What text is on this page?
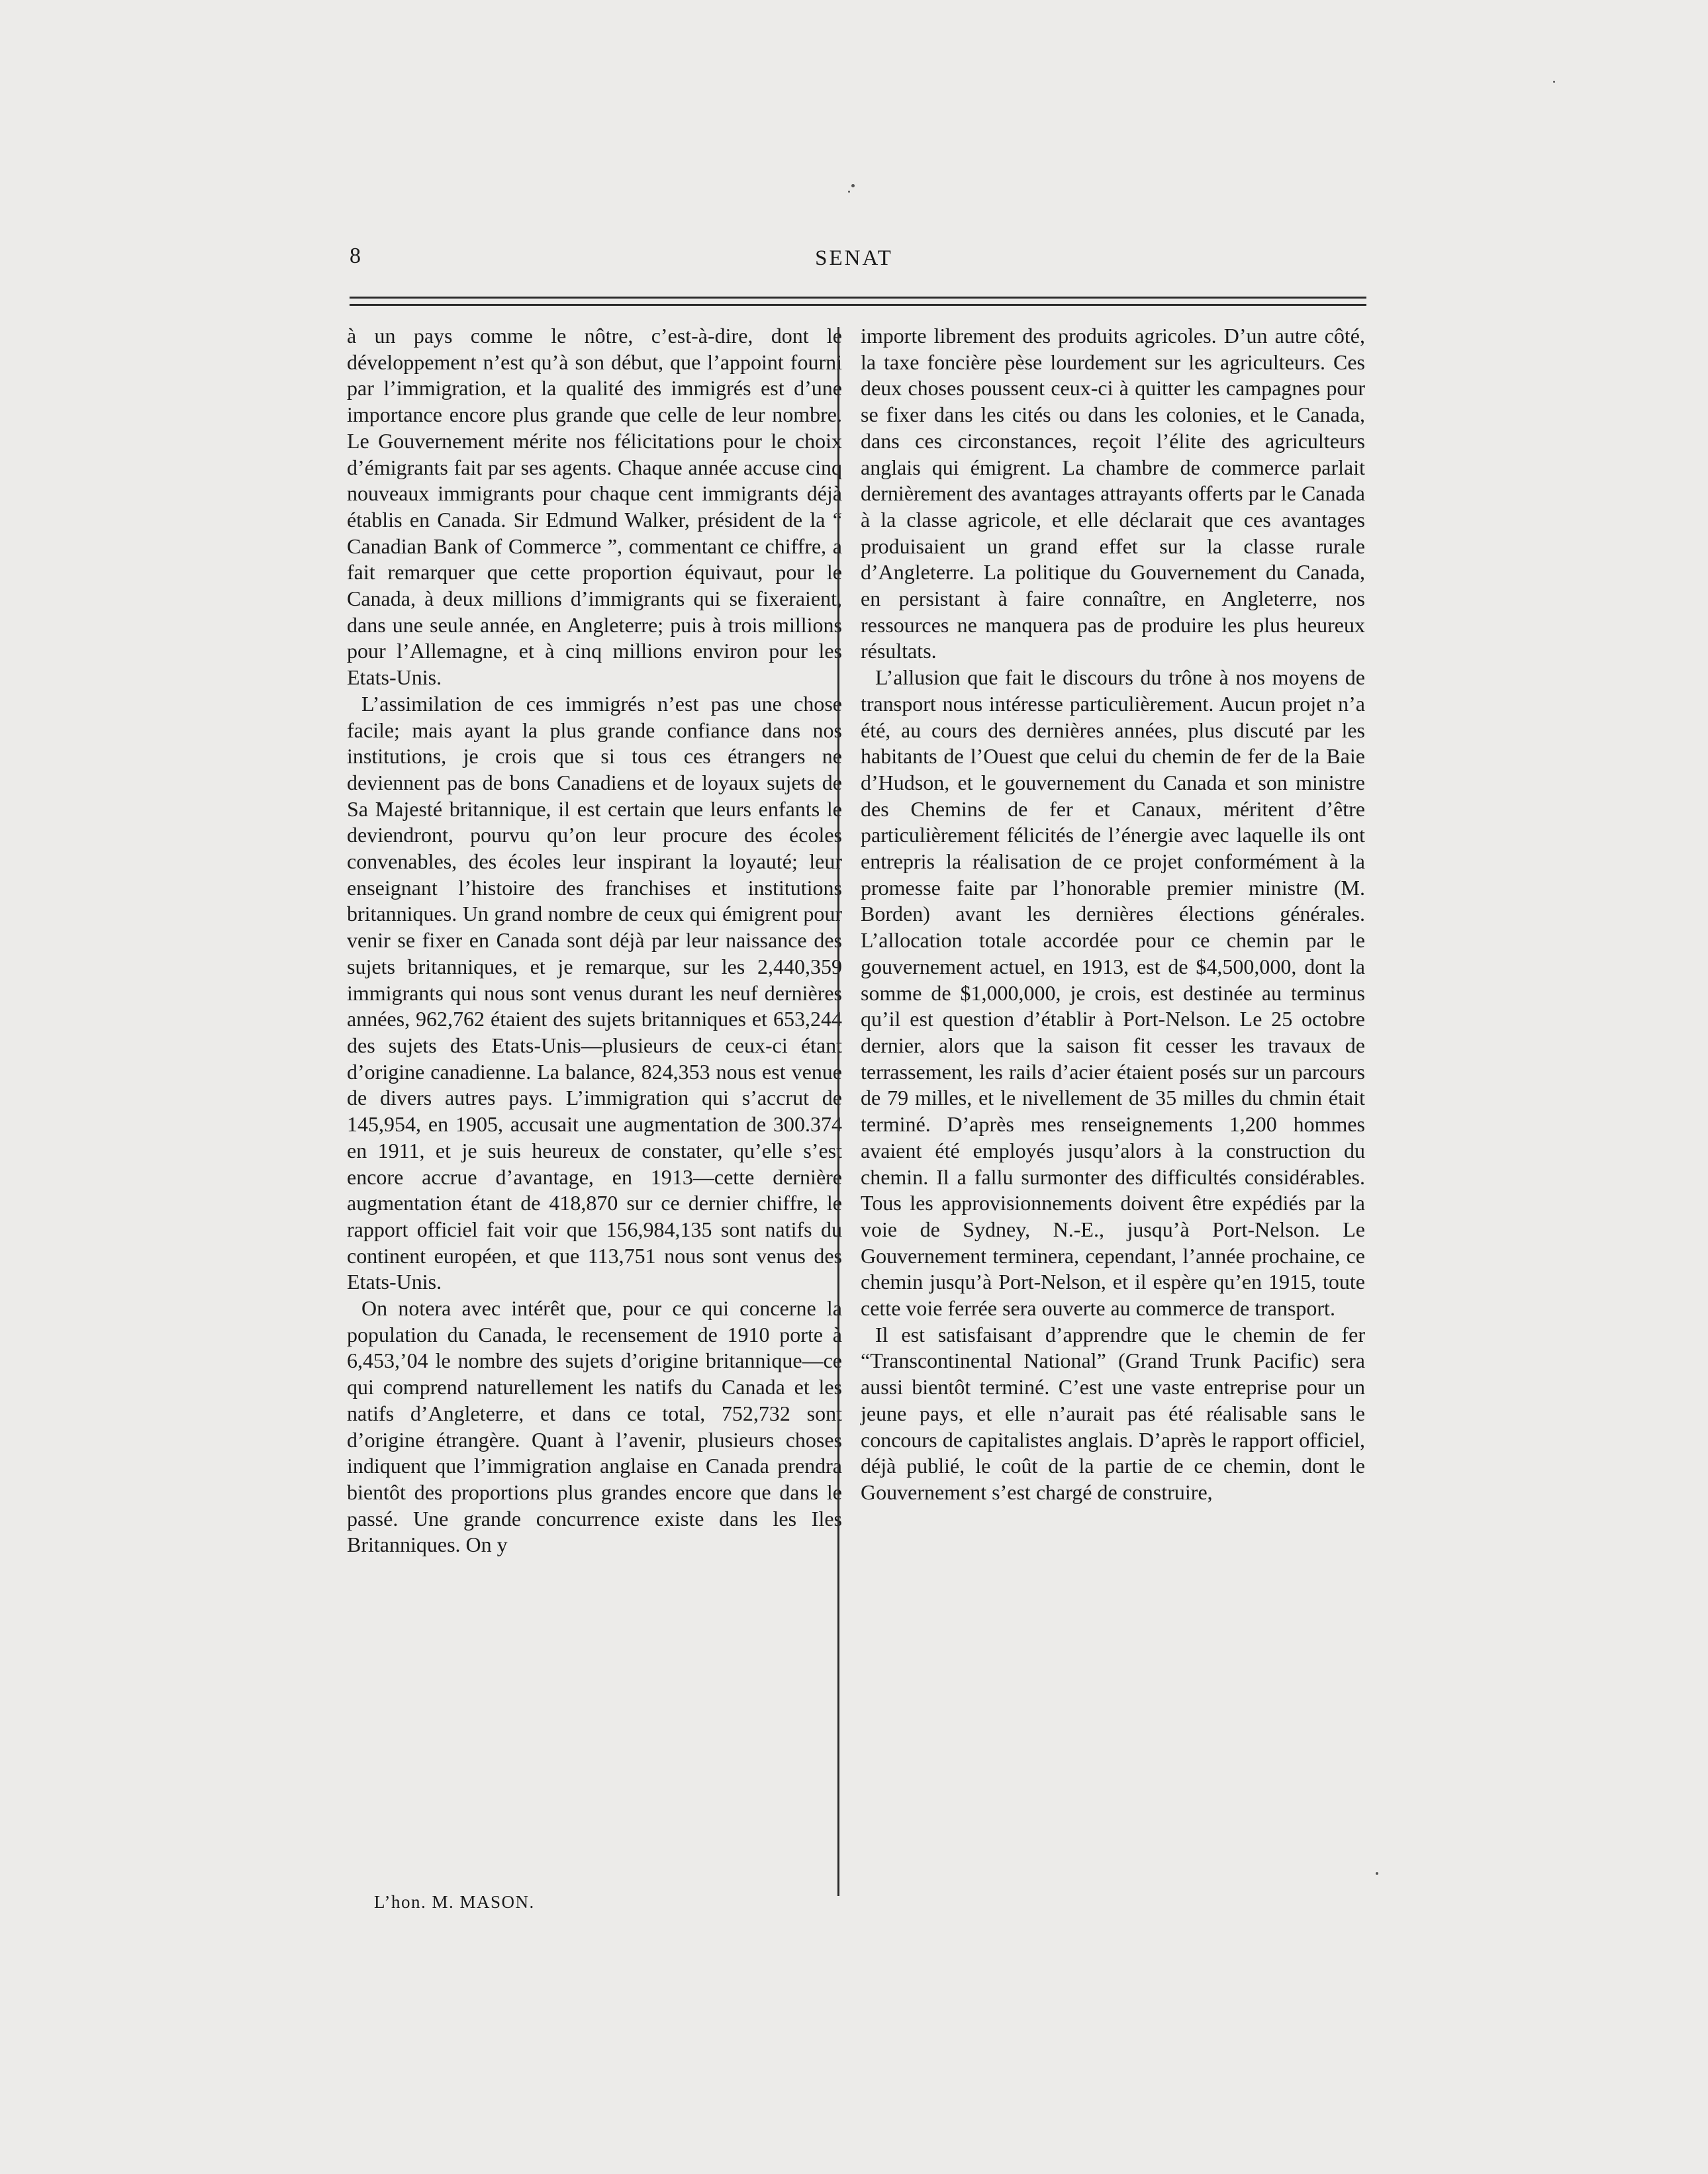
8	SENAT

à un pays comme le nôtre, c’est-à-dire, dont le développement n’est qu’à son début, que l’appoint fourni par l’immigration, et la qualité des immigrés est d’une importance encore plus grande que celle de leur nombre. Le Gouvernement mérite nos félicitations pour le choix d’émigrants fait par ses agents. Chaque année accuse cinq nouveaux immigrants pour chaque cent immigrants déjà établis en Canada. Sir Edmund Walker, président de la “ Canadian Bank of Commerce ”, commentant ce chiffre, a fait remarquer que cette proportion équivaut, pour le Canada, à deux millions d’immigrants qui se fixeraient, dans une seule année, en Angleterre; puis à trois millions pour l’Allemagne, et à cinq millions environ pour les Etats-Unis.

L’assimilation de ces immigrés n’est pas une chose facile; mais ayant la plus grande confiance dans nos institutions, je crois que si tous ces étrangers ne deviennent pas de bons Canadiens et de loyaux sujets de Sa Majesté britannique, il est certain que leurs enfants le deviendront, pourvu qu’on leur procure des écoles convenables, des écoles leur inspirant la loyauté; leur enseignant l’histoire des franchises et institutions britanniques. Un grand nombre de ceux qui émigrent pour venir se fixer en Canada sont déjà par leur naissance des sujets britanniques, et je remarque, sur les 2,440,359 immigrants qui nous sont venus durant les neuf dernières années, 962,762 étaient des sujets britanniques et 653,244 des sujets des Etats-Unis—plusieurs de ceux-ci étant d’origine canadienne. La balance, 824,353 nous est venue de divers autres pays. L’immigration qui s’accrut de 145,954, en 1905, accusait une augmentation de 300.374 en 1911, et je suis heureux de constater, qu’elle s’est encore accrue d’avantage, en 1913—cette dernière augmentation étant de 418,870 sur ce dernier chiffre, le rapport officiel fait voir que 156,984,135 sont natifs du continent européen, et que 113,751 nous sont venus des Etats-Unis.

On notera avec intérêt que, pour ce qui concerne la population du Canada, le recensement de 1910 porte à 6,453,’04 le nombre des sujets d’origine britannique—ce qui comprend naturellement les natifs du Canada et les natifs d’Angleterre, et dans ce total, 752,732 sont d’origine étrangère. Quant à l’avenir, plusieurs choses indiquent que l’immigration anglaise en Canada prendra bientôt des proportions plus grandes encore que dans le passé. Une grande concurrence existe dans les Iles Britanniques. On y

importe librement des produits agricoles. D’un autre côté, la taxe foncière pèse lourdement sur les agriculteurs. Ces deux choses poussent ceux-ci à quitter les campagnes pour se fixer dans les cités ou dans les colonies, et le Canada, dans ces circonstances, reçoit l’élite des agriculteurs anglais qui émigrent. La chambre de commerce parlait dernièrement des avantages attrayants offerts par le Canada à la classe agricole, et elle déclarait que ces avantages produisaient un grand effet sur la classe rurale d’Angleterre. La politique du Gouvernement du Canada, en persistant à faire connaître, en Angleterre, nos ressources ne manquera pas de produire les plus heureux résultats.

L’allusion que fait le discours du trône à nos moyens de transport nous intéresse particulièrement. Aucun projet n’a été, au cours des dernières années, plus discuté par les habitants de l’Ouest que celui du chemin de fer de la Baie d’Hudson, et le gouvernement du Canada et son ministre des Chemins de fer et Canaux, méritent d’être particulièrement félicités de l’énergie avec laquelle ils ont entrepris la réalisation de ce projet conformément à la promesse faite par l’honorable premier ministre (M. Borden) avant les dernières élections générales. L’allocation totale accordée pour ce chemin par le gouvernement actuel, en 1913, est de $4,500,000, dont la somme de $1,000,000, je crois, est destinée au terminus qu’il est question d’établir à Port-Nelson. Le 25 octobre dernier, alors que la saison fit cesser les travaux de terrassement, les rails d’acier étaient posés sur un parcours de 79 milles, et le nivellement de 35 milles du chmin était terminé. D’après mes renseignements 1,200 hommes avaient été employés jusqu’alors à la construction du chemin. Il a fallu surmonter des difficultés considérables. Tous les approvisionnements doivent être expédiés par la voie de Sydney, N.-E., jusqu’à Port-Nelson. Le Gouvernement terminera, cependant, l’année prochaine, ce chemin jusqu’à Port-Nelson, et il espère qu’en 1915, toute cette voie ferrée sera ouverte au commerce de transport.

Il est satisfaisant d’apprendre que le chemin de fer “Transcontinental National” (Grand Trunk Pacific) sera aussi bientôt terminé. C’est une vaste entreprise pour un jeune pays, et elle n’aurait pas été réalisable sans le concours de capitalistes anglais. D’après le rapport officiel, déjà publié, le coût de la partie de ce chemin, dont le Gouvernement s’est chargé de construire,

L’hon. M. MASON.
